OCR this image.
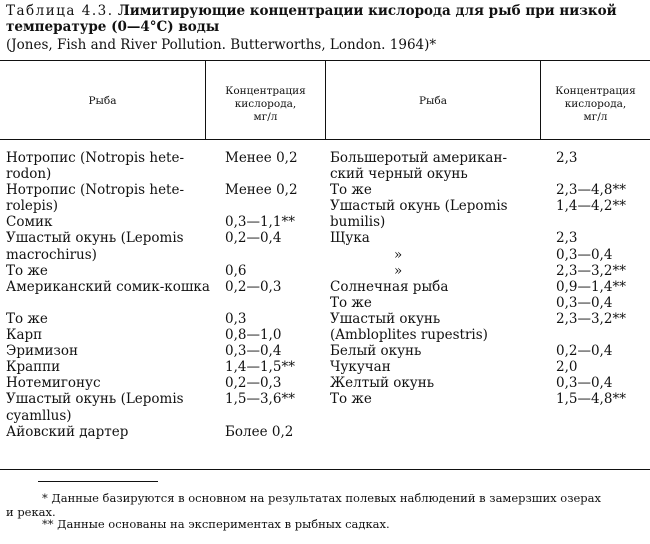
Таблица 4.3. Лимитирующие концентрации кислорода для рыб при низкой температуре (0—4°С) воды
(Jones, Fish and River Pollution. Butterworths, London. 1964)*
Рыба
Концентрация
кислорода,
мг/л
Рыба
Концентрация
кислорода,
мг/л
Нотропис (Notropis hete-	Менее 0,2
rodon)
Нотропис (Notropis hete-	Менее 0,2
rolepis)
Сомик	0,3—1,1**
Ушастый окунь (Lepomis	0,2—0,4
macrochirus)
То же	0,6
Американский сомик-кошка	0,2—0,3

То же	0,3
Карп	0,8—1,0
Эримизон	0,3—0,4
Краппи	1,4—1,5**
Нотемигонус	0,2—0,3
Ушастый окунь (Lepomis	1,5—3,6**
cyamllus)
Айовский дартер	Более 0,2
Большеротый американ-	2,3
ский черный окунь
То же	2,3—4,8**
Ушастый окунь (Lepomis	1,4—4,2**
bumilis)
Щука	2,3
»	0,3—0,4
»	2,3—3,2**
Солнечная рыба	0,9—1,4**
То же	0,3—0,4
Ушастый окунь	2,3—3,2**
(Ambloplites rupestris)
Белый окунь	0,2—0,4
Чукучан	2,0
Желтый окунь	0,3—0,4
То же	1,5—4,8**
* Данные базируются в основном на результатах полевых наблюдений в замерзших озерах
и реках.
** Данные основаны на экспериментах в рыбных садках.
